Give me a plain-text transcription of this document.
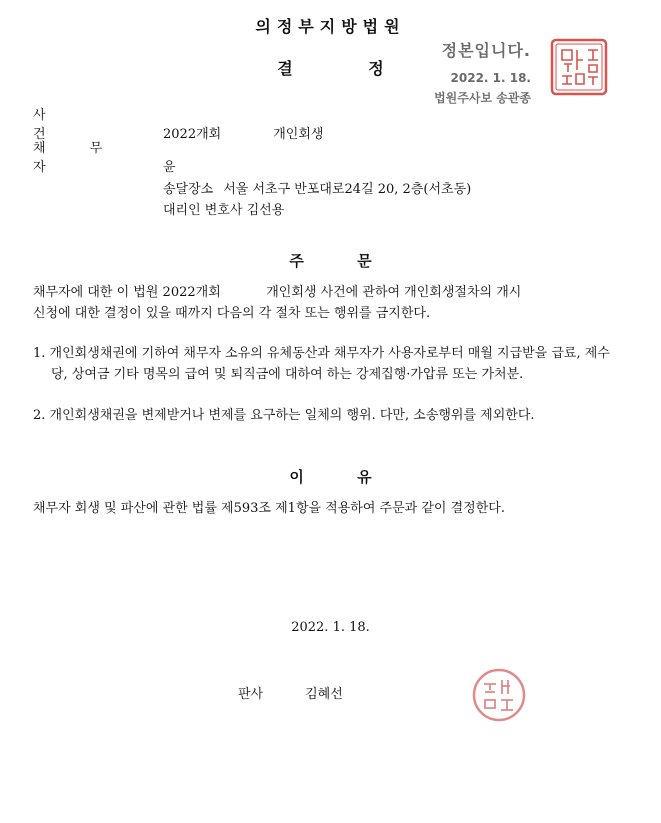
의정부지방법원
결 정
정본입니다.
2022. 1. 18.
법원주사보 송관종
사 건	2022개회	개인회생
채 무 자	윤
송달장소 서울 서초구 반포대로24길 20, 2층(서초동)
대리인 변호사 김선용
주 문
채무자에 대한 이 법원 2022개회           개인회생 사건에 관하여 개인회생절차의 개시
신청에 대한 결정이 있을 때까지 다음의 각 절차 또는 행위를 금지한다.
1. 개인회생채권에 기하여 채무자 소유의 유체동산과 채무자가 사용자로부터 매월 지급받을 급료, 제수당, 상여금 기타 명목의 급여 및 퇴직금에 대하여 하는 강제집행·가압류 또는 가처분.
2. 개인회생채권을 변제받거나 변제를 요구하는 일체의 행위. 다만, 소송행위를 제외한다.
이 유
채무자 회생 및 파산에 관한 법률 제593조 제1항을 적용하여 주문과 같이 결정한다.
2022. 1. 18.
판사	김혜선
